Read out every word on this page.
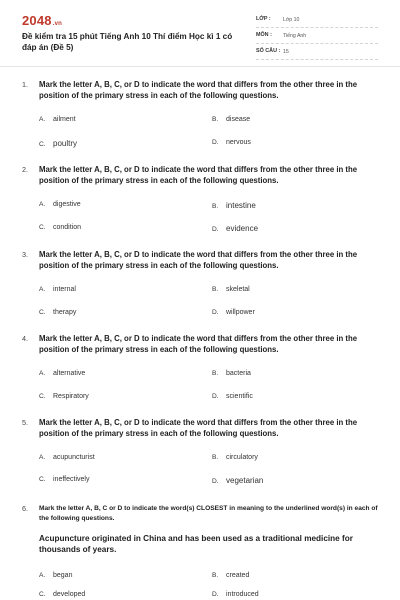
2048.vn
Đề kiểm tra 15 phút Tiếng Anh 10 Thí điểm Học kì 1 có đáp án (Đề 5)
LỚP : Lớp 10
MÔN : Tiếng Anh
SỐ CÂU : 15
1. Mark the letter A, B, C, or D to indicate the word that differs from the other three in the position of the primary stress in each of the following questions.
A. ailment	B. disease
C. poultry	D. nervous
2. Mark the letter A, B, C, or D to indicate the word that differs from the other three in the position of the primary stress in each of the following questions.
A. digestive	B. intestine
C. condition	D. evidence
3. Mark the letter A, B, C, or D to indicate the word that differs from the other three in the position of the primary stress in each of the following questions.
A. internal	B. skeletal
C. therapy	D. willpower
4. Mark the letter A, B, C, or D to indicate the word that differs from the other three in the position of the primary stress in each of the following questions.
A. alternative	B. bacteria
C. Respiratory	D. scientific
5. Mark the letter A, B, C, or D to indicate the word that differs from the other three in the position of the primary stress in each of the following questions.
A. acupuncturist	B. circulatory
C. ineffectively	D. vegetarian
6. Mark the letter A, B, C or D to indicate the word(s) CLOSEST in meaning to the underlined word(s) in each of the following questions.
Acupuncture originated in China and has been used as a traditional medicine for thousands of years.
A. began	B. created
C. developed	D. introduced
